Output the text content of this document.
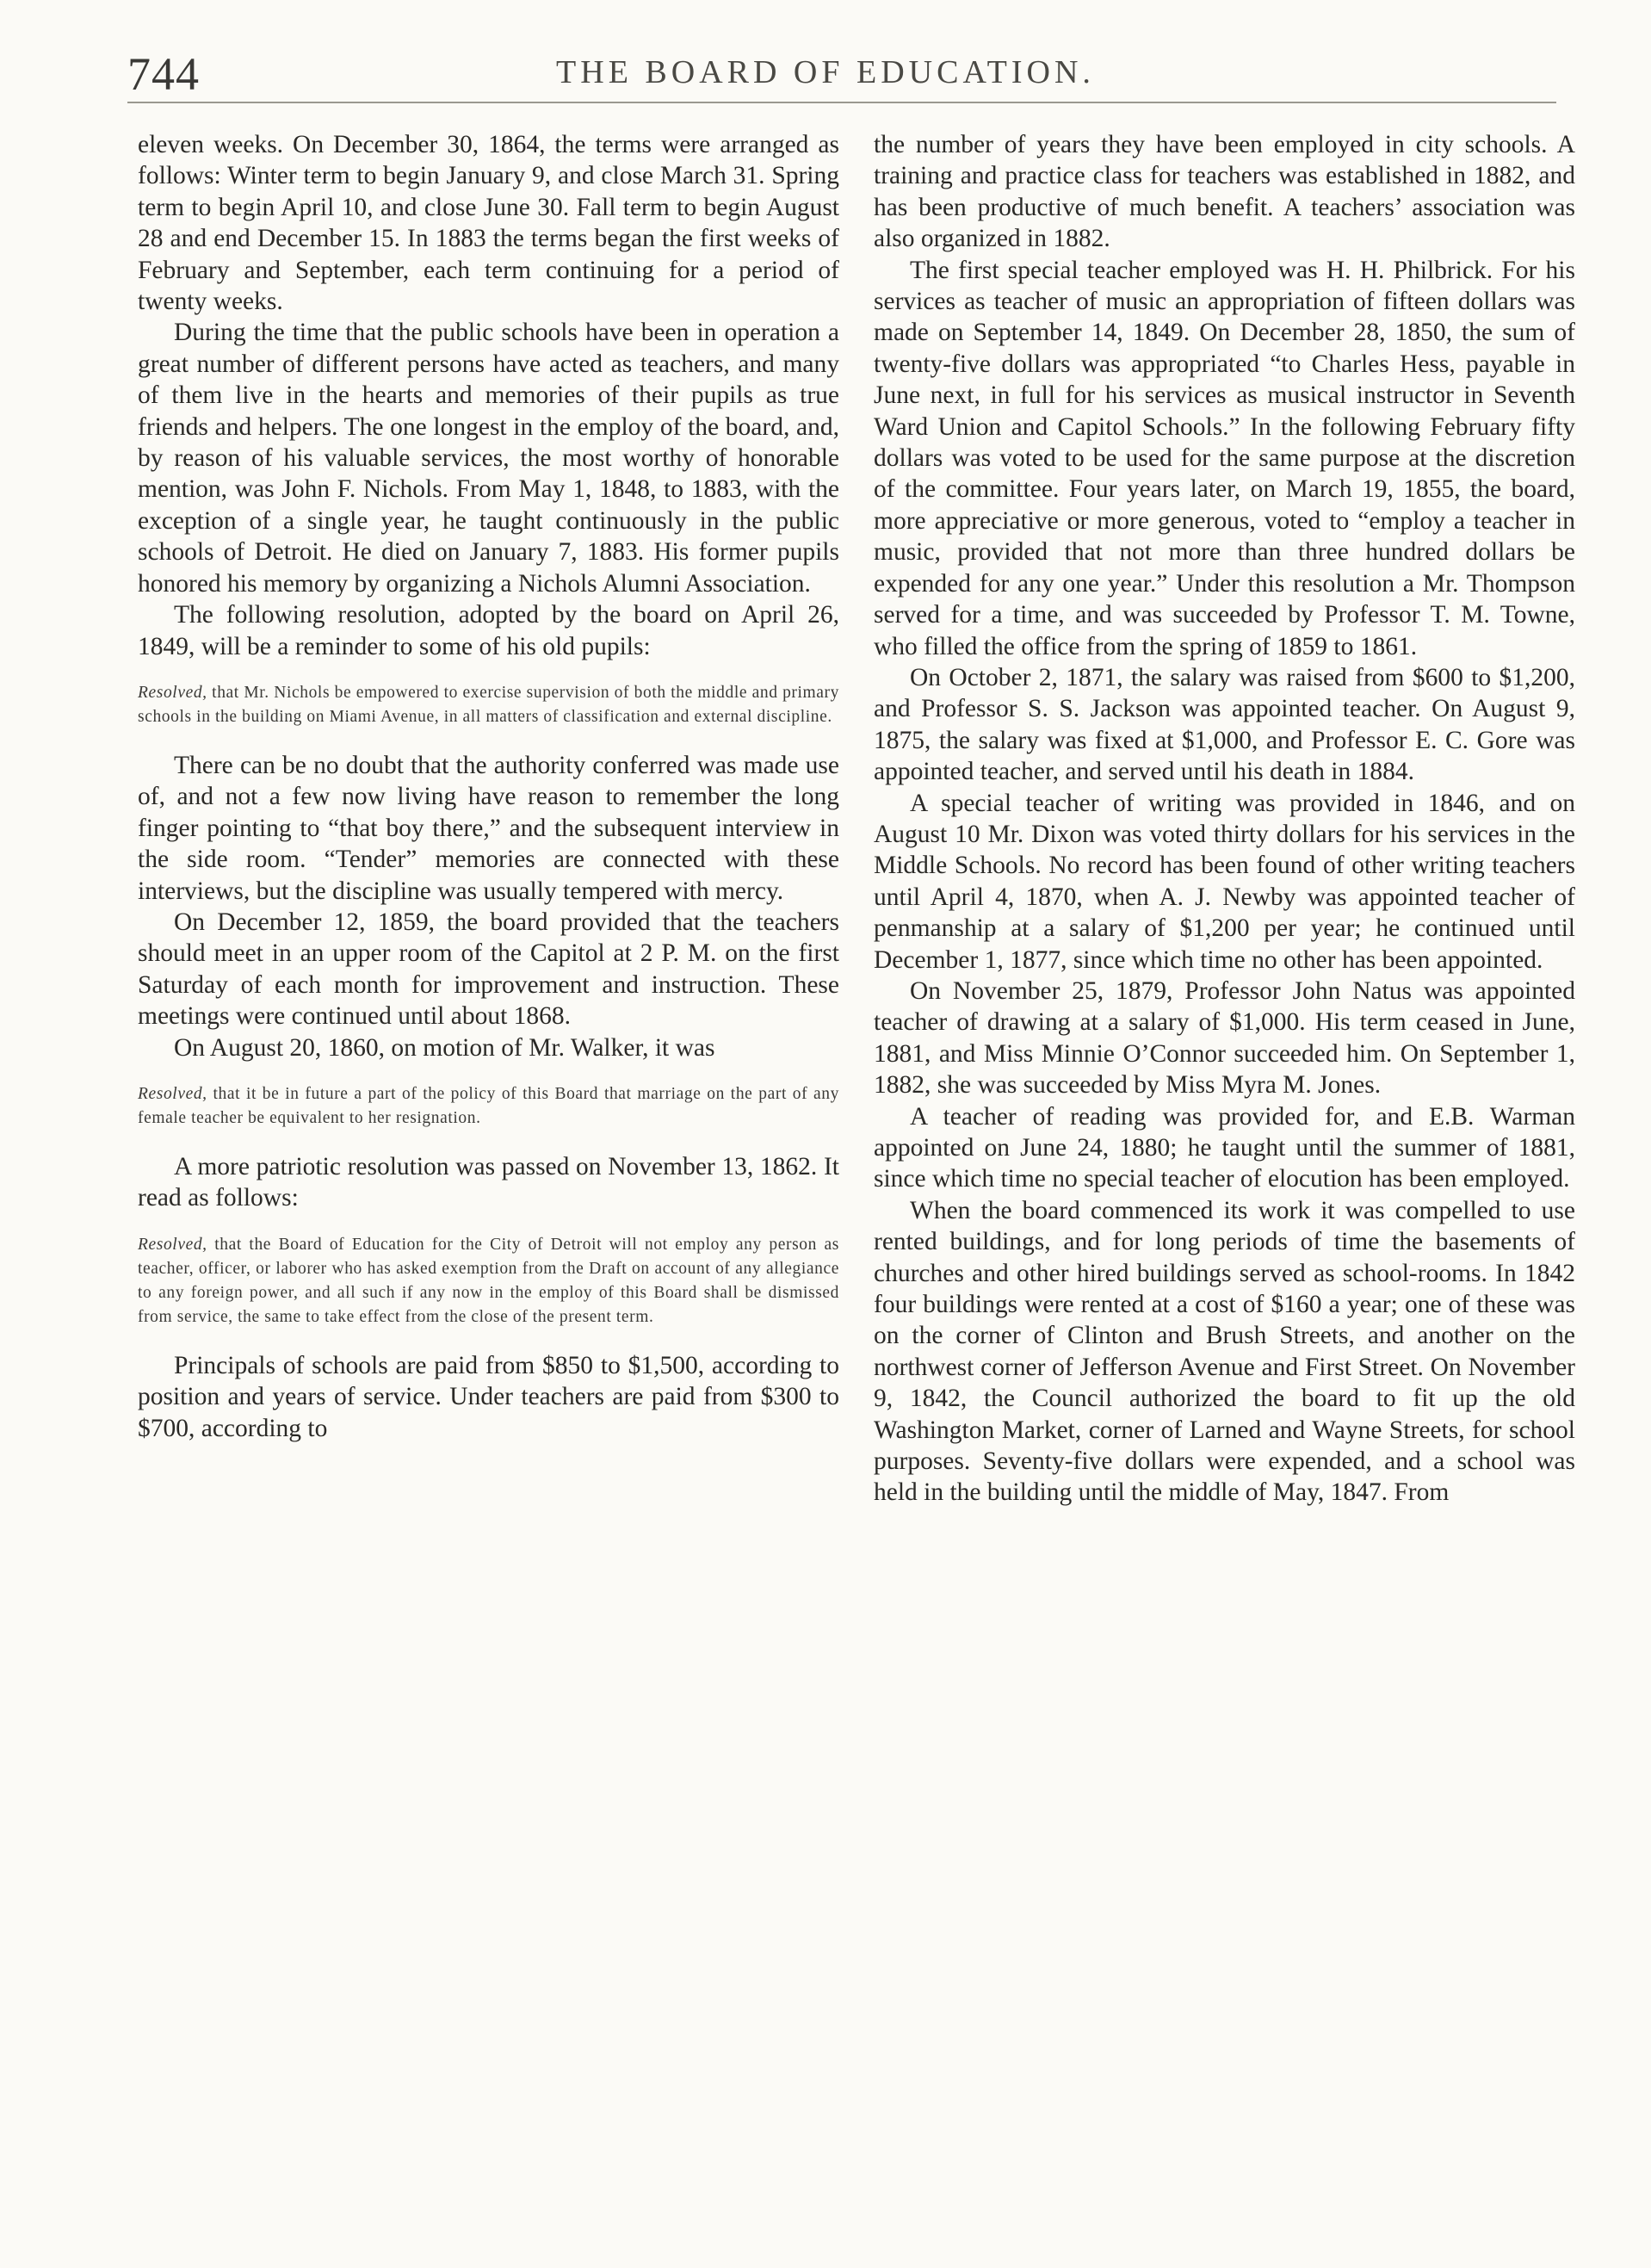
744	THE BOARD OF EDUCATION.

eleven weeks. On December 30, 1864, the terms were arranged as follows: Winter term to begin January 9, and close March 31. Spring term to begin April 10, and close June 30. Fall term to begin August 28 and end December 15. In 1883 the terms began the first weeks of February and September, each term continuing for a period of twenty weeks.

During the time that the public schools have been in operation a great number of different persons have acted as teachers, and many of them live in the hearts and memories of their pupils as true friends and helpers. The one longest in the employ of the board, and, by reason of his valuable services, the most worthy of honorable mention, was John F. Nichols. From May 1, 1848, to 1883, with the exception of a single year, he taught continuously in the public schools of Detroit. He died on January 7, 1883. His former pupils honored his memory by organizing a Nichols Alumni Association.

The following resolution, adopted by the board on April 26, 1849, will be a reminder to some of his old pupils:

Resolved, that Mr. Nichols be empowered to exercise supervision of both the middle and primary schools in the building on Miami Avenue, in all matters of classification and external discipline.

There can be no doubt that the authority conferred was made use of, and not a few now living have reason to remember the long finger pointing to “that boy there,” and the subsequent interview in the side room. “Tender” memories are connected with these interviews, but the discipline was usually tempered with mercy.

On December 12, 1859, the board provided that the teachers should meet in an upper room of the Capitol at 2 P. M. on the first Saturday of each month for improvement and instruction. These meetings were continued until about 1868.

On August 20, 1860, on motion of Mr. Walker, it was

Resolved, that it be in future a part of the policy of this Board that marriage on the part of any female teacher be equivalent to her resignation.

A more patriotic resolution was passed on November 13, 1862. It read as follows:

Resolved, that the Board of Education for the City of Detroit will not employ any person as teacher, officer, or laborer who has asked exemption from the Draft on account of any allegiance to any foreign power, and all such if any now in the employ of this Board shall be dismissed from service, the same to take effect from the close of the present term.

Principals of schools are paid from $850 to $1,500, according to position and years of service. Under teachers are paid from $300 to $700, according to

the number of years they have been employed in city schools. A training and practice class for teachers was established in 1882, and has been productive of much benefit. A teachers’ association was also organized in 1882.

The first special teacher employed was H. H. Philbrick. For his services as teacher of music an appropriation of fifteen dollars was made on September 14, 1849. On December 28, 1850, the sum of twenty-five dollars was appropriated “to Charles Hess, payable in June next, in full for his services as musical instructor in Seventh Ward Union and Capitol Schools.” In the following February fifty dollars was voted to be used for the same purpose at the discretion of the committee. Four years later, on March 19, 1855, the board, more appreciative or more generous, voted to “employ a teacher in music, provided that not more than three hundred dollars be expended for any one year.” Under this resolution a Mr. Thompson served for a time, and was succeeded by Professor T. M. Towne, who filled the office from the spring of 1859 to 1861.

On October 2, 1871, the salary was raised from $600 to $1,200, and Professor S. S. Jackson was appointed teacher. On August 9, 1875, the salary was fixed at $1,000, and Professor E. C. Gore was appointed teacher, and served until his death in 1884.

A special teacher of writing was provided in 1846, and on August 10 Mr. Dixon was voted thirty dollars for his services in the Middle Schools. No record has been found of other writing teachers until April 4, 1870, when A. J. Newby was appointed teacher of penmanship at a salary of $1,200 per year; he continued until December 1, 1877, since which time no other has been appointed.

On November 25, 1879, Professor John Natus was appointed teacher of drawing at a salary of $1,000. His term ceased in June, 1881, and Miss Minnie O’Connor succeeded him. On September 1, 1882, she was succeeded by Miss Myra M. Jones.

A teacher of reading was provided for, and E.B. Warman appointed on June 24, 1880; he taught until the summer of 1881, since which time no special teacher of elocution has been employed.

When the board commenced its work it was compelled to use rented buildings, and for long periods of time the basements of churches and other hired buildings served as school-rooms. In 1842 four buildings were rented at a cost of $160 a year; one of these was on the corner of Clinton and Brush Streets, and another on the northwest corner of Jefferson Avenue and First Street. On November 9, 1842, the Council authorized the board to fit up the old Washington Market, corner of Larned and Wayne Streets, for school purposes. Seventy-five dollars were expended, and a school was held in the building until the middle of May, 1847. From
